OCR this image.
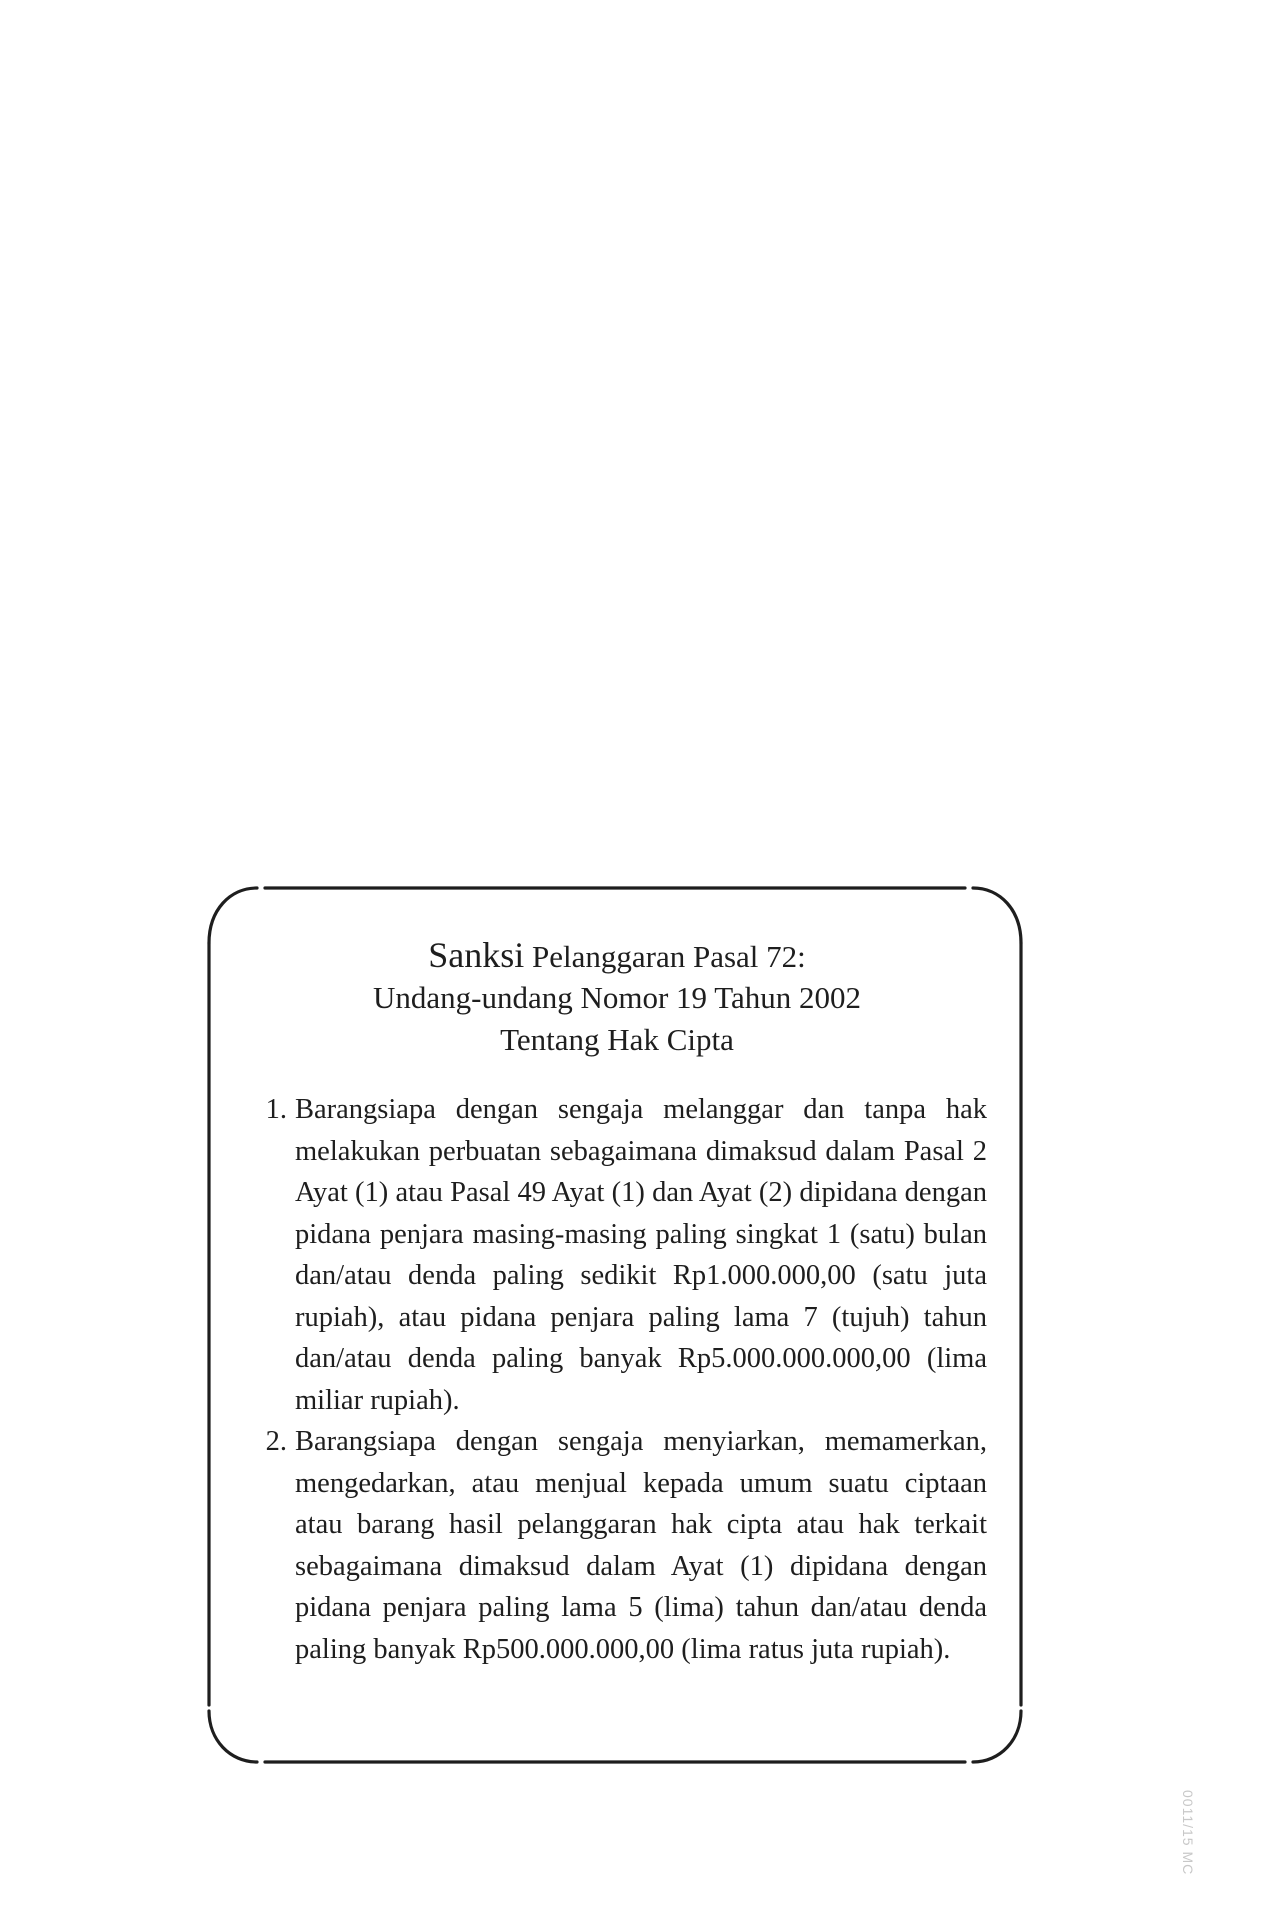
Sanksi Pelanggaran Pasal 72:
Undang-undang Nomor 19 Tahun 2002
Tentang Hak Cipta
1. Barangsiapa dengan sengaja melanggar dan tanpa hak melakukan perbuatan sebagaimana dimaksud dalam Pasal 2 Ayat (1) atau Pasal 49 Ayat (1) dan Ayat (2) dipidana dengan pidana penjara masing-masing paling singkat 1 (satu) bulan dan/atau denda paling sedikit Rp1.000.000,00 (satu juta rupiah), atau pidana penjara paling lama 7 (tujuh) tahun dan/atau denda paling banyak Rp5.000.000.000,00 (lima miliar rupiah).
2. Barangsiapa dengan sengaja menyiarkan, memamerkan, mengedarkan, atau menjual kepada umum suatu ciptaan atau barang hasil pelanggaran hak cipta atau hak terkait sebagaimana dimaksud dalam Ayat (1) dipidana dengan pidana penjara paling lama 5 (lima) tahun dan/atau denda paling banyak Rp500.000.000,00 (lima ratus juta rupiah).
0011/15 MC
